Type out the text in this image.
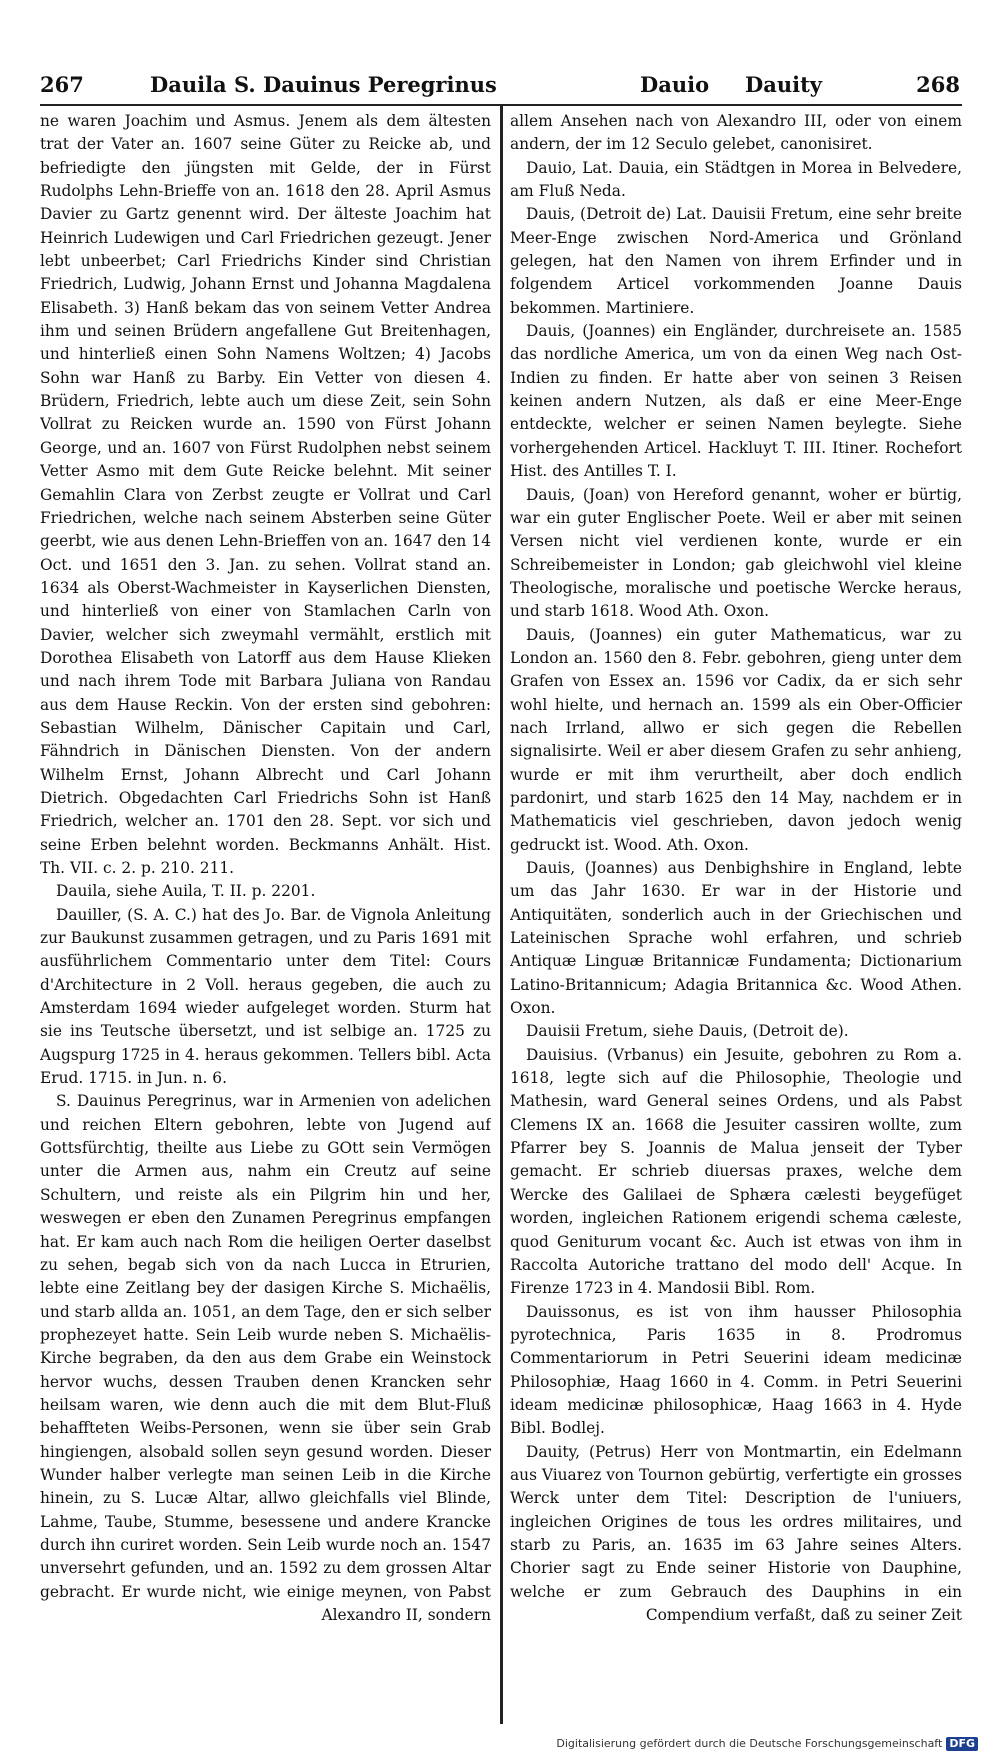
267	Dauila S. Dauinus Peregrinus	Dauio Dauity	268

ne waren Joachim und Asmus. Jenem als dem ältesten trat der Vater an. 1607 seine Güter zu Reicke ab, und befriedigte den jüngsten mit Gelde, der in Fürst Rudolphs Lehn-Brieffe von an. 1618 den 28. April Asmus Davier zu Gartz genennt wird. Der älteste Joachim hat Heinrich Ludewigen und Carl Friedrichen gezeugt. Jener lebt unbeerbet; Carl Friedrichs Kinder sind Christian Friedrich, Ludwig, Johann Ernst und Johanna Magdalena Elisabeth. 3) Hanß bekam das von seinem Vetter Andrea ihm und seinen Brüdern angefallene Gut Breitenhagen, und hinterließ einen Sohn Namens Woltzen; 4) Jacobs Sohn war Hanß zu Barby. Ein Vetter von diesen 4. Brüdern, Friedrich, lebte auch um diese Zeit, sein Sohn Vollrat zu Reicken wurde an. 1590 von Fürst Johann George, und an. 1607 von Fürst Rudolphen nebst seinem Vetter Asmo mit dem Gute Reicke belehnt. Mit seiner Gemahlin Clara von Zerbst zeugte er Vollrat und Carl Friedrichen, welche nach seinem Absterben seine Güter geerbt, wie aus denen Lehn-Brieffen von an. 1647 den 14 Oct. und 1651 den 3. Jan. zu sehen. Vollrat stand an. 1634 als Oberst-Wachmeister in Kayserlichen Diensten, und hinterließ von einer von Stamlachen Carln von Davier, welcher sich zweymahl vermählt, erstlich mit Dorothea Elisabeth von Latorff aus dem Hause Klieken und nach ihrem Tode mit Barbara Juliana von Randau aus dem Hause Reckin. Von der ersten sind gebohren: Sebastian Wilhelm, Dänischer Capitain und Carl, Fähndrich in Dänischen Diensten. Von der andern Wilhelm Ernst, Johann Albrecht und Carl Johann Dietrich. Obgedachten Carl Friedrichs Sohn ist Hanß Friedrich, welcher an. 1701 den 28. Sept. vor sich und seine Erben belehnt worden. Beckmanns Anhält. Hist. Th. VII. c. 2. p. 210. 211.

Dauila, siehe Auila, T. II. p. 2201.

Dauiller, (S. A. C.) hat des Jo. Bar. de Vignola Anleitung zur Baukunst zusammen getragen, und zu Paris 1691 mit ausführlichem Commentario unter dem Titel: Cours d'Architecture in 2 Voll. heraus gegeben, die auch zu Amsterdam 1694 wieder aufgeleget worden. Sturm hat sie ins Teutsche übersetzt, und ist selbige an. 1725 zu Augspurg 1725 in 4. heraus gekommen. Tellers bibl. Acta Erud. 1715. in Jun. n. 6.

S. Dauinus Peregrinus, war in Armenien von adelichen und reichen Eltern gebohren, lebte von Jugend auf Gottsfürchtig, theilte aus Liebe zu GOtt sein Vermögen unter die Armen aus, nahm ein Creutz auf seine Schultern, und reiste als ein Pilgrim hin und her, weswegen er eben den Zunamen Peregrinus empfangen hat. Er kam auch nach Rom die heiligen Oerter daselbst zu sehen, begab sich von da nach Lucca in Etrurien, lebte eine Zeitlang bey der dasigen Kirche S. Michaëlis, und starb allda an. 1051, an dem Tage, den er sich selber prophezeyet hatte. Sein Leib wurde neben S. Michaëlis-Kirche begraben, da den aus dem Grabe ein Weinstock hervor wuchs, dessen Trauben denen Krancken sehr heilsam waren, wie denn auch die mit dem Blut-Fluß behaffteten Weibs-Personen, wenn sie über sein Grab hingiengen, alsobald sollen seyn gesund worden. Dieser Wunder halber verlegte man seinen Leib in die Kirche hinein, zu S. Lucæ Altar, allwo gleichfalls viel Blinde, Lahme, Taube, Stumme, besessene und andere Krancke durch ihn curiret worden. Sein Leib wurde noch an. 1547 unversehrt gefunden, und an. 1592 zu dem grossen Altar gebracht. Er wurde nicht, wie einige meynen, von Pabst Alexandro II, sondern

allem Ansehen nach von Alexandro III, oder von einem andern, der im 12 Seculo gelebet, canonisiret.

Dauio, Lat. Dauia, ein Städtgen in Morea in Belvedere, am Fluß Neda.

Dauis, (Detroit de) Lat. Dauisii Fretum, eine sehr breite Meer-Enge zwischen Nord-America und Grönland gelegen, hat den Namen von ihrem Erfinder und in folgendem Articel vorkommenden Joanne Dauis bekommen. Martiniere.

Dauis, (Joannes) ein Engländer, durchreisete an. 1585 das nordliche America, um von da einen Weg nach Ost-Indien zu finden. Er hatte aber von seinen 3 Reisen keinen andern Nutzen, als daß er eine Meer-Enge entdeckte, welcher er seinen Namen beylegte. Siehe vorhergehenden Articel. Hackluyt T. III. Itiner. Rochefort Hist. des Antilles T. I.

Dauis, (Joan) von Hereford genannt, woher er bürtig, war ein guter Englischer Poete. Weil er aber mit seinen Versen nicht viel verdienen konte, wurde er ein Schreibemeister in London; gab gleichwohl viel kleine Theologische, moralische und poetische Wercke heraus, und starb 1618. Wood Ath. Oxon.

Dauis, (Joannes) ein guter Mathematicus, war zu London an. 1560 den 8. Febr. gebohren, gieng unter dem Grafen von Essex an. 1596 vor Cadix, da er sich sehr wohl hielte, und hernach an. 1599 als ein Ober-Officier nach Irrland, allwo er sich gegen die Rebellen signalisirte. Weil er aber diesem Grafen zu sehr anhieng, wurde er mit ihm verurtheilt, aber doch endlich pardonirt, und starb 1625 den 14 May, nachdem er in Mathematicis viel geschrieben, davon jedoch wenig gedruckt ist. Wood. Ath. Oxon.

Dauis, (Joannes) aus Denbighshire in England, lebte um das Jahr 1630. Er war in der Historie und Antiquitäten, sonderlich auch in der Griechischen und Lateinischen Sprache wohl erfahren, und schrieb Antiquæ Linguæ Britannicæ Fundamenta; Dictionarium Latino-Britannicum; Adagia Britannica &c. Wood Athen. Oxon.

Dauisii Fretum, siehe Dauis, (Detroit de).

Dauisius. (Vrbanus) ein Jesuite, gebohren zu Rom a. 1618, legte sich auf die Philosophie, Theologie und Mathesin, ward General seines Ordens, und als Pabst Clemens IX an. 1668 die Jesuiter cassiren wollte, zum Pfarrer bey S. Joannis de Malua jenseit der Tyber gemacht. Er schrieb diuersas praxes, welche dem Wercke des Galilaei de Sphæra cælesti beygefüget worden, ingleichen Rationem erigendi schema cæleste, quod Geniturum vocant &c. Auch ist etwas von ihm in Raccolta Autoriche trattano del modo dell' Acque. In Firenze 1723 in 4. Mandosii Bibl. Rom.

Dauissonus, es ist von ihm hausser Philosophia pyrotechnica, Paris 1635 in 8. Prodromus Commentariorum in Petri Seuerini ideam medicinæ Philosophiæ, Haag 1660 in 4. Comm. in Petri Seuerini ideam medicinæ philosophicæ, Haag 1663 in 4. Hyde Bibl. Bodlej.

Dauity, (Petrus) Herr von Montmartin, ein Edelmann aus Viuarez von Tournon gebürtig, verfertigte ein grosses Werck unter dem Titel: Description de l'uniuers, ingleichen Origines de tous les ordres militaires, und starb zu Paris, an. 1635 im 63 Jahre seines Alters. Chorier sagt zu Ende seiner Historie von Dauphine, welche er zum Gebrauch des Dauphins in ein Compendium verfaßt, daß zu seiner Zeit

Digitalisierung gefördert durch die Deutsche Forschungsgemeinschaft DFG
